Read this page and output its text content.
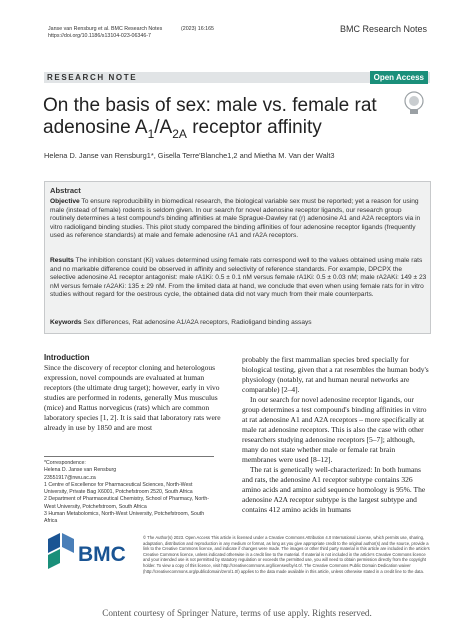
Janse van Rensburg et al. BMC Research Notes
https://doi.org/10.1186/s13104-023-06346-7
(2023) 16:165	BMC Research Notes
RESEARCH NOTE	Open Access
On the basis of sex: male vs. female rat
adenosine $A_1/A_{2A}$ receptor affinity
Helena D. Janse van Rensburg1*, Gisella Terre'Blanche1,2 and Mietha M. Van der Walt3
Abstract

Objective To ensure reproducibility in biomedical research, the biological variable sex must be reported; yet a reason for using male (instead of female) rodents is seldom given. In our search for novel adenosine receptor ligands, our research group routinely determines a test compound's binding affinities at male Sprague-Dawley rat (r) adenosine A1 and A2A receptors via in vitro radioligand binding studies. This pilot study compared the binding affinities of four adenosine receptor ligands (frequently used as reference standards) at male and female adenosine rA1 and rA2A receptors.

Results The inhibition constant (Ki) values determined using female rats correspond well to the values obtained using male rats and no markable difference could be observed in affinity and selectivity of reference standards. For example, DPCPX the selective adenosine A1 receptor antagonist: male rA1Ki: 0.5 ± 0.1 nM versus female rA1Ki: 0.5 ± 0.03 nM; male rA2AKi: 149 ± 23 nM versus female rA2AKi: 135 ± 29 nM. From the limited data at hand, we conclude that even when using female rats for in vitro studies without regard for the oestrous cycle, the obtained data did not vary much from their male counterparts.

Keywords Sex differences, Rat adenosine A1/A2A receptors, Radioligand binding assays

Introduction

Since the discovery of receptor cloning and heterologous expression, novel compounds are evaluated at human receptors (the ultimate drug target); however, early in vivo studies are performed in rodents, generally Mus musculus (mice) and Rattus norvegicus (rats) which are common laboratory species [1, 2]. It is said that laboratory rats were already in use by 1850 and are most

probably the first mammalian species bred specially for biological testing, given that a rat resembles the human body's physiology (notably, rat and human neural networks are comparable) [2–4].

In our search for novel adenosine receptor ligands, our group determines a test compound's binding affinities in vitro at rat adenosine A1 and A2A receptors – more specifically at male rat adenosine receptors. This is also the case with other researchers studying adenosine receptors [5–7]; although, many do not state whether male or female rat brain membranes were used [8–12].

The rat is genetically well-characterized: In both humans and rats, the adenosine A1 receptor subtype contains 326 amino acids and amino acid sequence homology is 95%. The adenosine A2A receptor subtype is the largest subtype and contains 412 amino acids in humans

*Correspondence:
Helena D. Janse van Rensburg
23551917@nwu.ac.za
1 Centre of Excellence for Pharmaceutical Sciences, North-West University, Private Bag X6001, Potchefstroom 2520, South Africa
2 Department of Pharmaceutical Chemistry, School of Pharmacy, North-West University, Potchefstroom, South Africa
3 Human Metabolomics, North-West University, Potchefstroom, South Africa
BMC
© The Author(s) 2023. Open Access This article is licensed under a Creative Commons Attribution 4.0 International License, which permits use, sharing, adaptation, distribution and reproduction in any medium or format, as long as you give appropriate credit to the original author(s) and the source, provide a link to the Creative Commons licence, and indicate if changes were made. The images or other third party material in this article are included in the article's Creative Commons licence, unless indicated otherwise in a credit line to the material. If material is not included in the article's Creative Commons licence and your intended use is not permitted by statutory regulation or exceeds the permitted use, you will need to obtain permission directly from the copyright holder. To view a copy of this licence, visit http://creativecommons.org/licenses/by/4.0/. The Creative Commons Public Domain Dedication waiver (http://creativecommons.org/publicdomain/zero/1.0/) applies to the data made available in this article, unless otherwise stated in a credit line to the data.
Content courtesy of Springer Nature, terms of use apply. Rights reserved.
